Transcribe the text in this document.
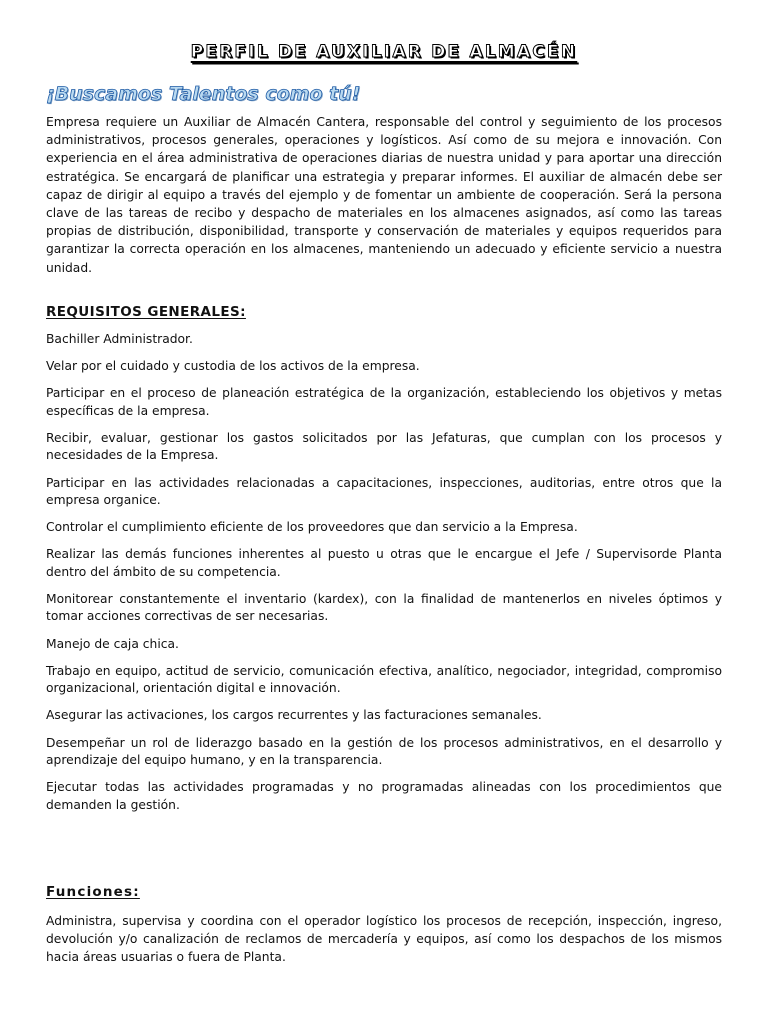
PERFIL DE AUXILIAR DE ALMACÉN
¡Buscamos Talentos como tú!

Empresa requiere un Auxiliar de Almacén Cantera, responsable del control y seguimiento de los procesos administrativos, procesos generales, operaciones y logísticos. Así como de su mejora e innovación. Con experiencia en el área administrativa de operaciones diarias de nuestra unidad y para aportar una dirección estratégica. Se encargará de planificar una estrategia y preparar informes. El auxiliar de almacén debe ser capaz de dirigir al equipo a través del ejemplo y de fomentar un ambiente de cooperación. Será la persona clave de las tareas de recibo y despacho de materiales en los almacenes asignados, así como las tareas propias de distribución, disponibilidad, transporte y conservación de materiales y equipos requeridos para garantizar la correcta operación en los almacenes, manteniendo un adecuado y eficiente servicio a nuestra unidad.

REQUISITOS GENERALES:
Bachiller Administrador.
Velar por el cuidado y custodia de los activos de la empresa.
Participar en el proceso de planeación estratégica de la organización, estableciendo los objetivos y metas específicas de la empresa.
Recibir, evaluar, gestionar los gastos solicitados por las Jefaturas, que cumplan con los procesos y necesidades de la Empresa.
Participar en las actividades relacionadas a capacitaciones, inspecciones, auditorias, entre otros que la empresa organice.
Controlar el cumplimiento eficiente de los proveedores que dan servicio a la Empresa.
Realizar las demás funciones inherentes al puesto u otras que le encargue el Jefe / Supervisorde Planta dentro del ámbito de su competencia.
Monitorear constantemente el inventario (kardex), con la finalidad de mantenerlos en niveles óptimos y tomar acciones correctivas de ser necesarias.
Manejo de caja chica.
Trabajo en equipo, actitud de servicio, comunicación efectiva, analítico, negociador, integridad, compromiso organizacional, orientación digital e innovación.
Asegurar las activaciones, los cargos recurrentes y las facturaciones semanales.
Desempeñar un rol de liderazgo basado en la gestión de los procesos administrativos, en el desarrollo y aprendizaje del equipo humano, y en la transparencia.
Ejecutar todas las actividades programadas y no programadas alineadas con los procedimientos que demanden la gestión.
Funciones:
Administra, supervisa y coordina con el operador logístico los procesos de recepción, inspección, ingreso, devolución y/o canalización de reclamos de mercadería y equipos, así como los despachos de los mismos hacia áreas usuarias o fuera de Planta.
